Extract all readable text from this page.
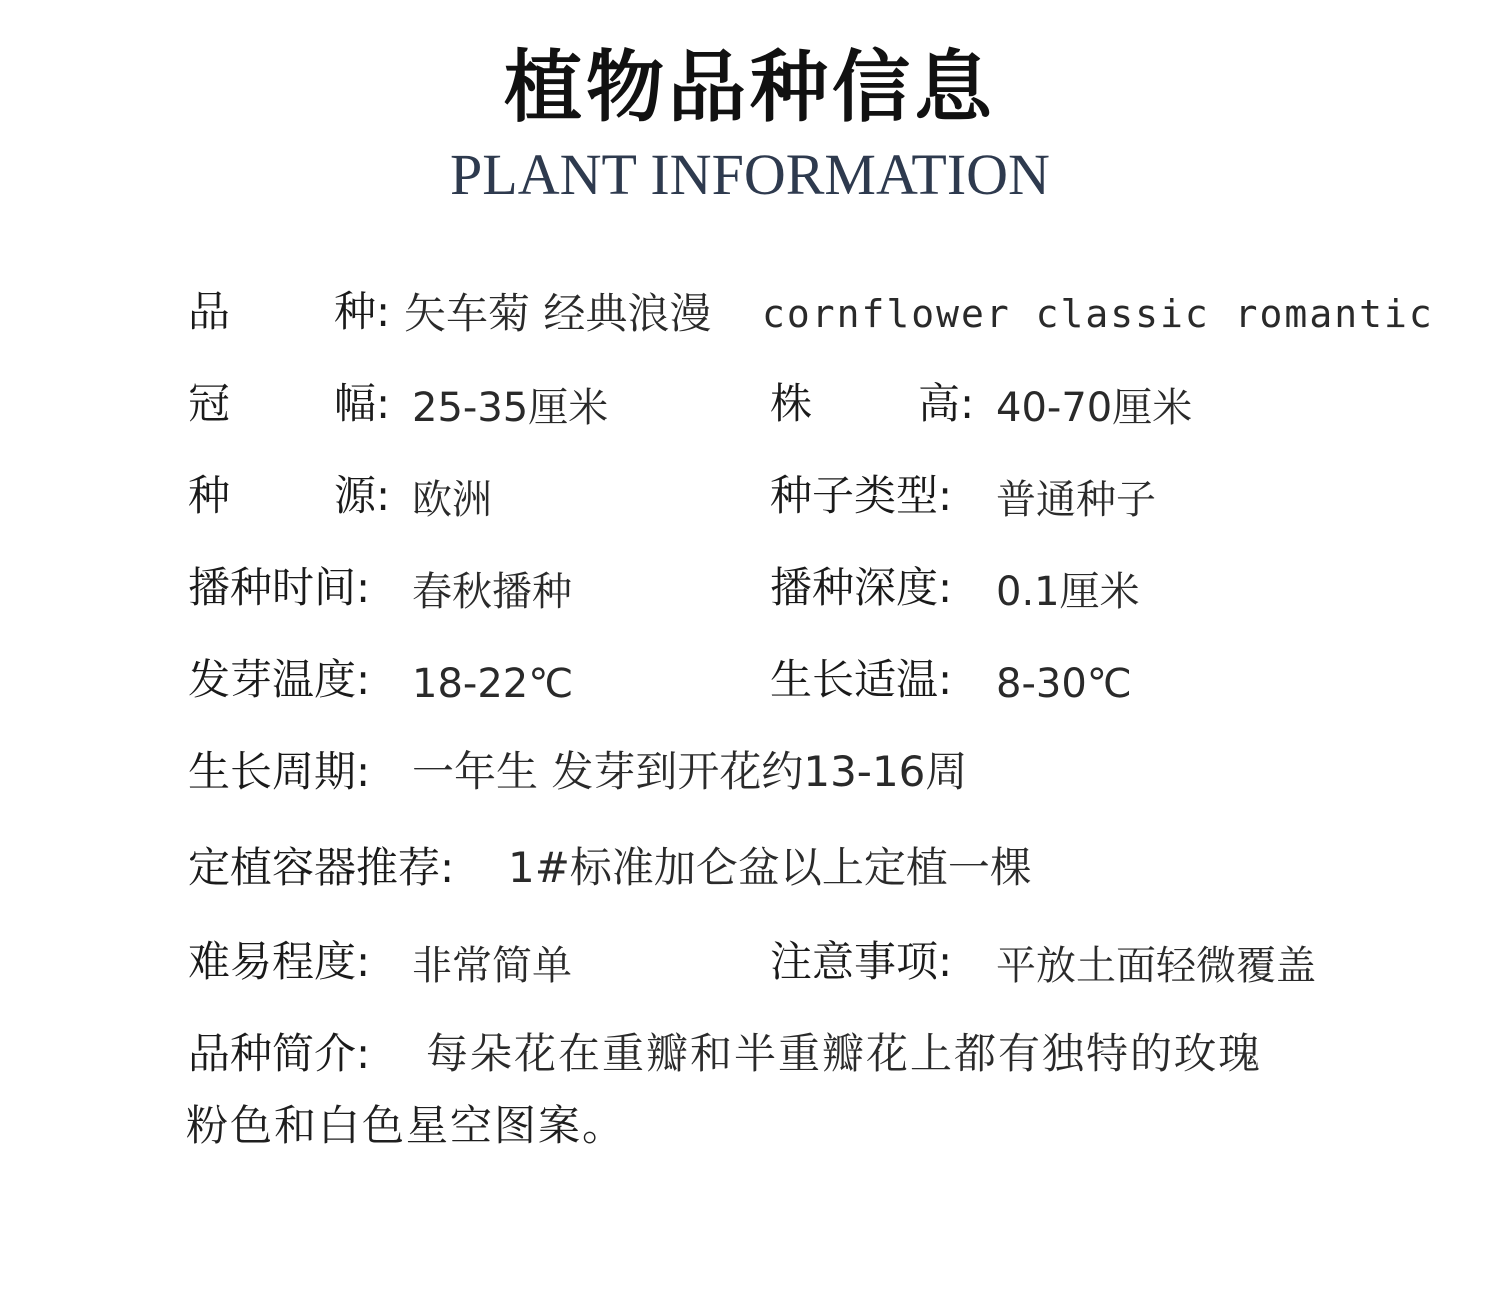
植物品种信息
PLANT INFORMATION
品 种: 矢车菊 经典浪漫 cornflower classic romantic
冠 幅: 25-35厘米	株	高: 40-70厘米
种 源: 欧洲	种子类型: 普通种子
播种时间: 春秋播种	播种深度: 0.1厘米
发芽温度: 18-22℃	生长适温: 8-30℃
生长周期: 一年生 发芽到开花约13-16周
定植容器推荐: 1#标准加仑盆以上定植一棵
难易程度: 非常简单	注意事项: 平放土面轻微覆盖
品种简介: 每朵花在重瓣和半重瓣花上都有独特的玫瑰
粉色和白色星空图案。
